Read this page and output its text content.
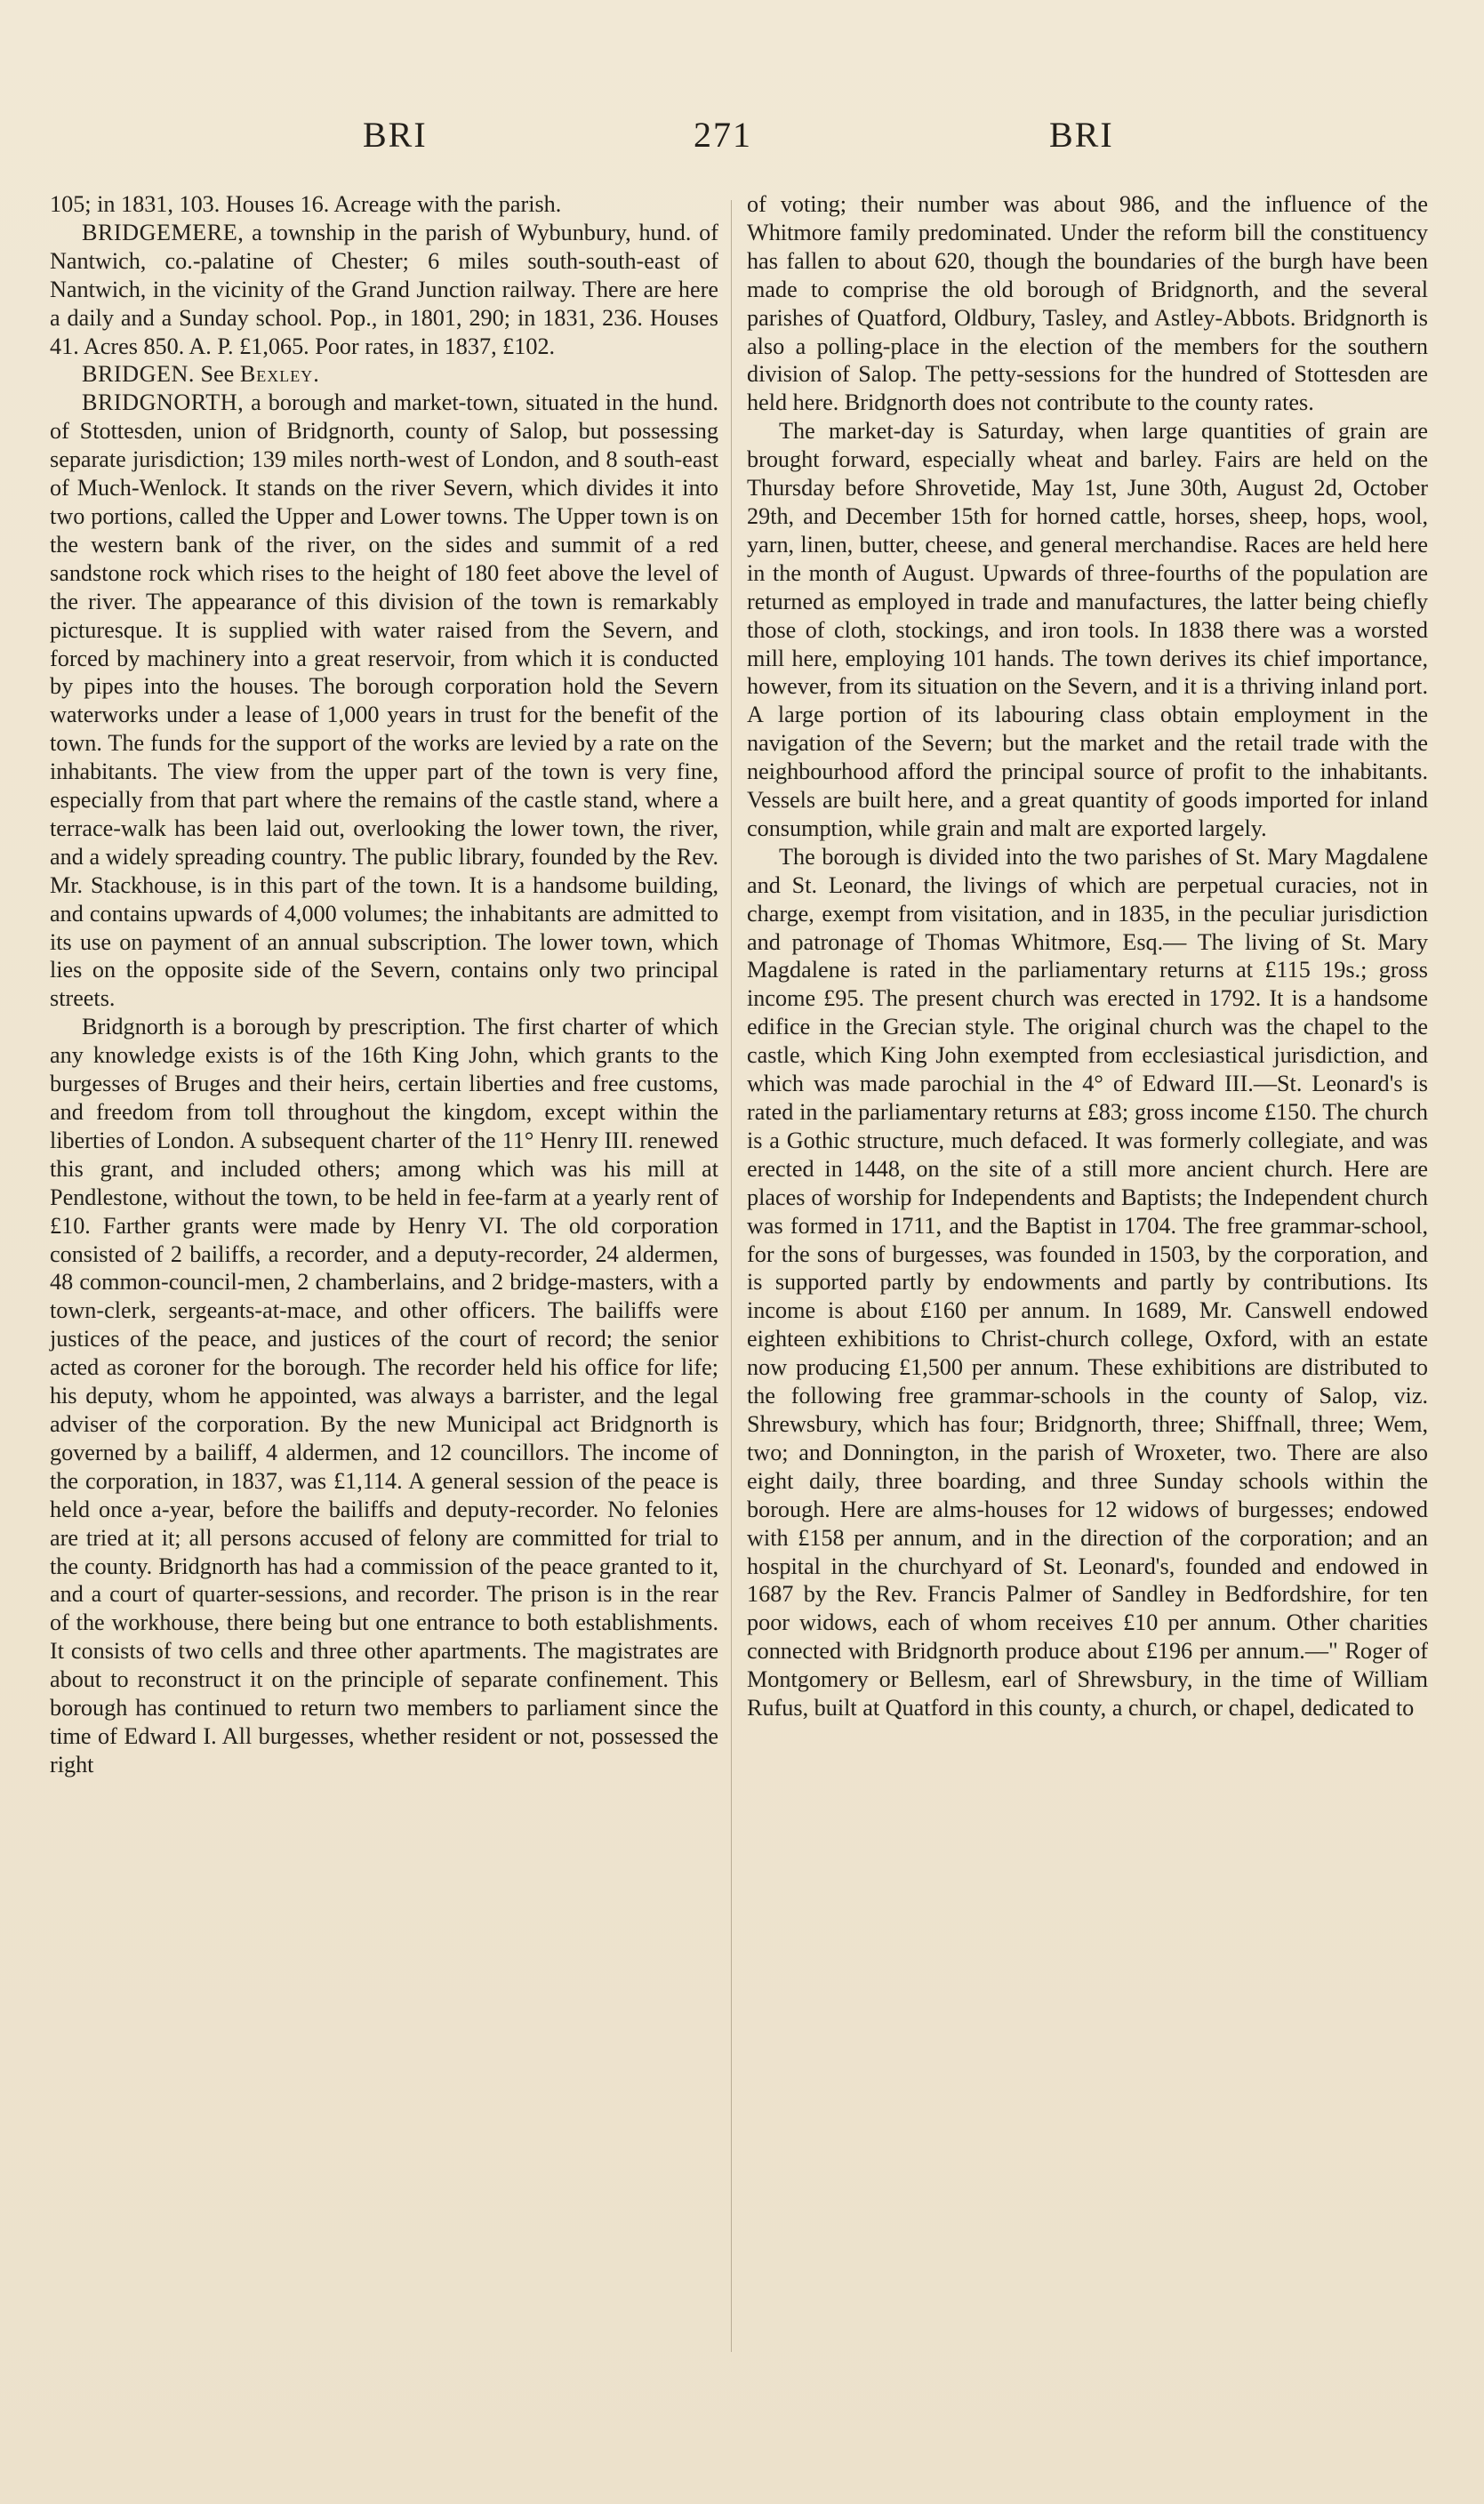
BRI	271	BRI

105; in 1831, 103. Houses 16. Acreage with the parish.

BRIDGEMERE, a township in the parish of Wybunbury, hund. of Nantwich, co.-palatine of Chester; 6 miles south-south-east of Nantwich, in the vicinity of the Grand Junction railway. There are here a daily and a Sunday school. Pop., in 1801, 290; in 1831, 236. Houses 41. Acres 850. A. P. £1,065. Poor rates, in 1837, £102.

BRIDGEN. See Bexley.

BRIDGNORTH, a borough and market-town, situated in the hund. of Stottesden, union of Bridgnorth, county of Salop, but possessing separate jurisdiction; 139 miles north-west of London, and 8 south-east of Much-Wenlock. It stands on the river Severn, which divides it into two portions, called the Upper and Lower towns. The Upper town is on the western bank of the river, on the sides and summit of a red sandstone rock which rises to the height of 180 feet above the level of the river. The appearance of this division of the town is remarkably picturesque. It is supplied with water raised from the Severn, and forced by machinery into a great reservoir, from which it is conducted by pipes into the houses. The borough corporation hold the Severn waterworks under a lease of 1,000 years in trust for the benefit of the town. The funds for the support of the works are levied by a rate on the inhabitants. The view from the upper part of the town is very fine, especially from that part where the remains of the castle stand, where a terrace-walk has been laid out, overlooking the lower town, the river, and a widely spreading country. The public library, founded by the Rev. Mr. Stackhouse, is in this part of the town. It is a handsome building, and contains upwards of 4,000 volumes; the inhabitants are admitted to its use on payment of an annual subscription. The lower town, which lies on the opposite side of the Severn, contains only two principal streets.

Bridgnorth is a borough by prescription. The first charter of which any knowledge exists is of the 16th King John, which grants to the burgesses of Bruges and their heirs, certain liberties and free customs, and freedom from toll throughout the kingdom, except within the liberties of London. A subsequent charter of the 11° Henry III. renewed this grant, and included others; among which was his mill at Pendlestone, without the town, to be held in fee-farm at a yearly rent of £10. Farther grants were made by Henry VI. The old corporation consisted of 2 bailiffs, a recorder, and a deputy-recorder, 24 aldermen, 48 common-council-men, 2 chamberlains, and 2 bridge-masters, with a town-clerk, sergeants-at-mace, and other officers. The bailiffs were justices of the peace, and justices of the court of record; the senior acted as coroner for the borough. The recorder held his office for life; his deputy, whom he appointed, was always a barrister, and the legal adviser of the corporation. By the new Municipal act Bridgnorth is governed by a bailiff, 4 aldermen, and 12 councillors. The income of the corporation, in 1837, was £1,114. A general session of the peace is held once a-year, before the bailiffs and deputy-recorder. No felonies are tried at it; all persons accused of felony are committed for trial to the county. Bridgnorth has had a commission of the peace granted to it, and a court of quarter-sessions, and recorder. The prison is in the rear of the workhouse, there being but one entrance to both establishments. It consists of two cells and three other apartments. The magistrates are about to reconstruct it on the principle of separate confinement. This borough has continued to return two members to parliament since the time of Edward I. All burgesses, whether resident or not, possessed the right

of voting; their number was about 986, and the influence of the Whitmore family predominated. Under the reform bill the constituency has fallen to about 620, though the boundaries of the burgh have been made to comprise the old borough of Bridgnorth, and the several parishes of Quatford, Oldbury, Tasley, and Astley-Abbots. Bridgnorth is also a polling-place in the election of the members for the southern division of Salop. The petty-sessions for the hundred of Stottesden are held here. Bridgnorth does not contribute to the county rates.

The market-day is Saturday, when large quantities of grain are brought forward, especially wheat and barley. Fairs are held on the Thursday before Shrovetide, May 1st, June 30th, August 2d, October 29th, and December 15th for horned cattle, horses, sheep, hops, wool, yarn, linen, butter, cheese, and general merchandise. Races are held here in the month of August. Upwards of three-fourths of the population are returned as employed in trade and manufactures, the latter being chiefly those of cloth, stockings, and iron tools. In 1838 there was a worsted mill here, employing 101 hands. The town derives its chief importance, however, from its situation on the Severn, and it is a thriving inland port. A large portion of its labouring class obtain employment in the navigation of the Severn; but the market and the retail trade with the neighbourhood afford the principal source of profit to the inhabitants. Vessels are built here, and a great quantity of goods imported for inland consumption, while grain and malt are exported largely.

The borough is divided into the two parishes of St. Mary Magdalene and St. Leonard, the livings of which are perpetual curacies, not in charge, exempt from visitation, and in 1835, in the peculiar jurisdiction and patronage of Thomas Whitmore, Esq.— The living of St. Mary Magdalene is rated in the parliamentary returns at £115 19s.; gross income £95. The present church was erected in 1792. It is a handsome edifice in the Grecian style. The original church was the chapel to the castle, which King John exempted from ecclesiastical jurisdiction, and which was made parochial in the 4° of Edward III.—St. Leonard's is rated in the parliamentary returns at £83; gross income £150. The church is a Gothic structure, much defaced. It was formerly collegiate, and was erected in 1448, on the site of a still more ancient church. Here are places of worship for Independents and Baptists; the Independent church was formed in 1711, and the Baptist in 1704. The free grammar-school, for the sons of burgesses, was founded in 1503, by the corporation, and is supported partly by endowments and partly by contributions. Its income is about £160 per annum. In 1689, Mr. Canswell endowed eighteen exhibitions to Christ-church college, Oxford, with an estate now producing £1,500 per annum. These exhibitions are distributed to the following free grammar-schools in the county of Salop, viz. Shrewsbury, which has four; Bridgnorth, three; Shiffnall, three; Wem, two; and Donnington, in the parish of Wroxeter, two. There are also eight daily, three boarding, and three Sunday schools within the borough. Here are alms-houses for 12 widows of burgesses; endowed with £158 per annum, and in the direction of the corporation; and an hospital in the churchyard of St. Leonard's, founded and endowed in 1687 by the Rev. Francis Palmer of Sandley in Bedfordshire, for ten poor widows, each of whom receives £10 per annum. Other charities connected with Bridgnorth produce about £196 per annum.—" Roger of Montgomery or Bellesm, earl of Shrewsbury, in the time of William Rufus, built at Quatford in this county, a church, or chapel, dedicated to
